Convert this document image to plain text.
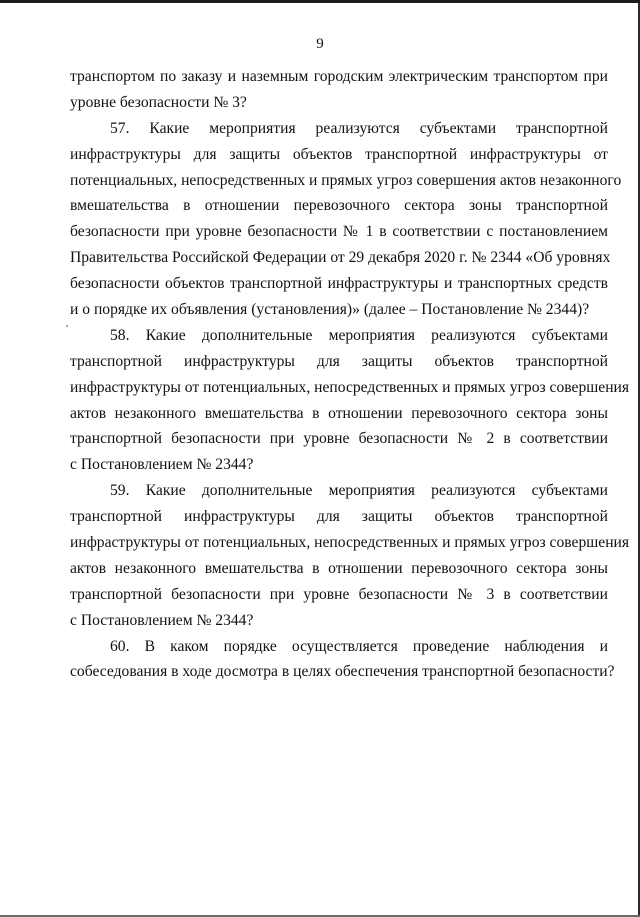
9
транспортом по заказу и наземным городским электрическим транспортом при
уровне безопасности № 3?
57. Какие мероприятия реализуются субъектами транспортной
инфраструктуры для защиты объектов транспортной инфраструктуры от
потенциальных, непосредственных и прямых угроз совершения актов незаконного
вмешательства в отношении перевозочного сектора зоны транспортной
безопасности при уровне безопасности № 1 в соответствии с постановлением
Правительства Российской Федерации от 29 декабря 2020 г. № 2344 «Об уровнях
безопасности объектов транспортной инфраструктуры и транспортных средств
и о порядке их объявления (установления)» (далее – Постановление № 2344)?
58. Какие дополнительные мероприятия реализуются субъектами
транспортной инфраструктуры для защиты объектов транспортной
инфраструктуры от потенциальных, непосредственных и прямых угроз совершения
актов незаконного вмешательства в отношении перевозочного сектора зоны
транспортной безопасности при уровне безопасности № 2 в соответствии
с Постановлением № 2344?
59. Какие дополнительные мероприятия реализуются субъектами
транспортной инфраструктуры для защиты объектов транспортной
инфраструктуры от потенциальных, непосредственных и прямых угроз совершения
актов незаконного вмешательства в отношении перевозочного сектора зоны
транспортной безопасности при уровне безопасности № 3 в соответствии
с Постановлением № 2344?
60. В каком порядке осуществляется проведение наблюдения и
собеседования в ходе досмотра в целях обеспечения транспортной безопасности?
